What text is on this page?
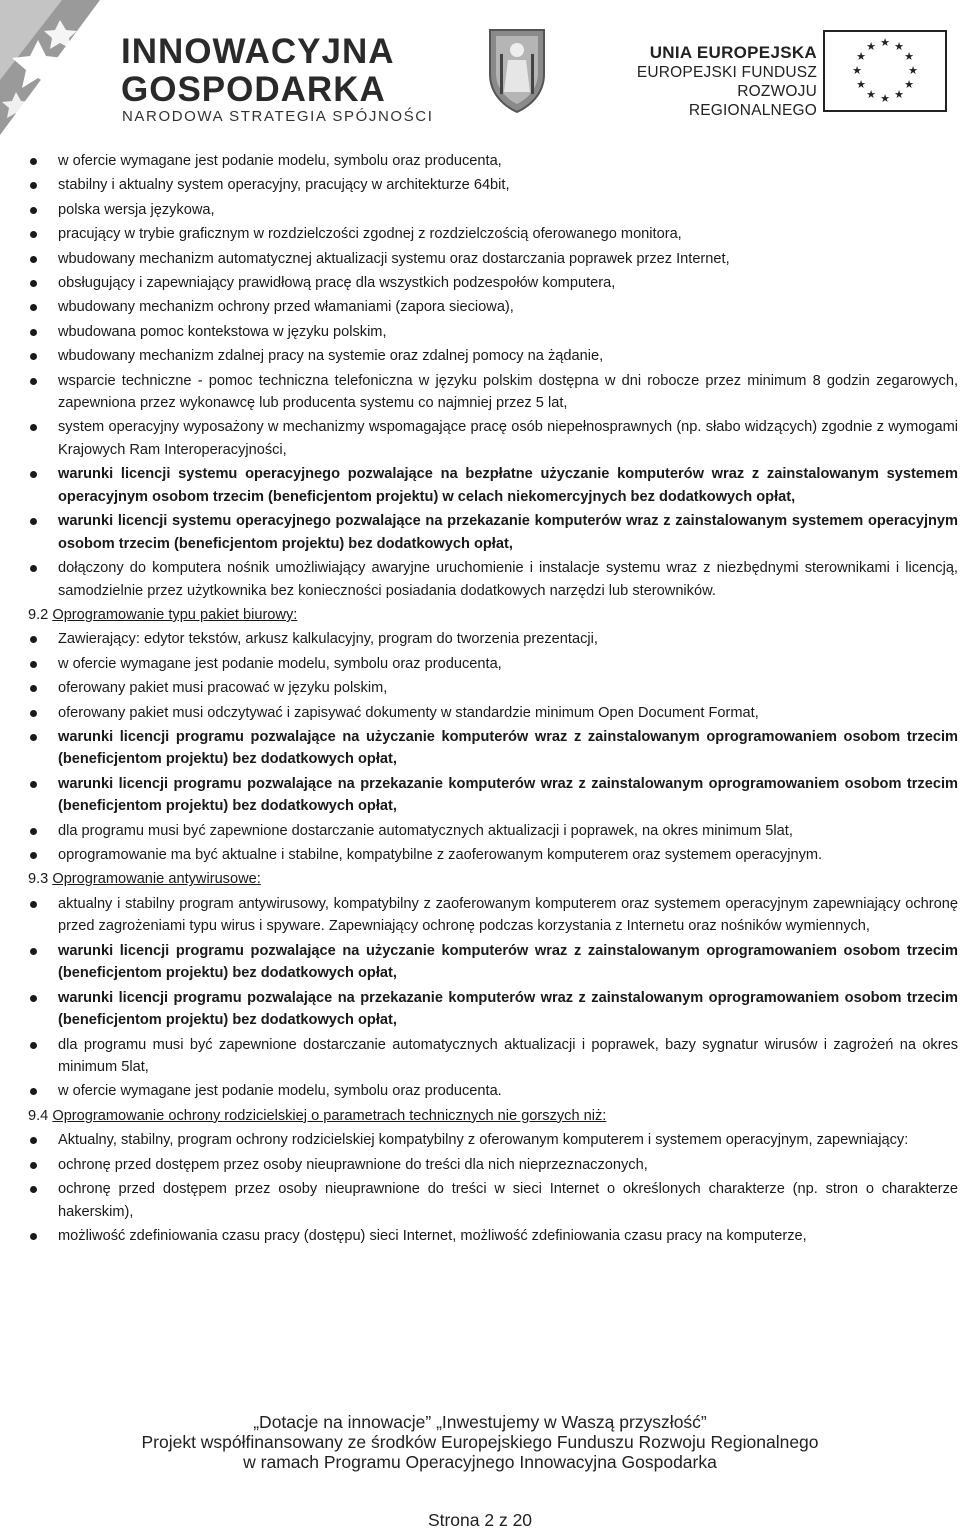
INNOWACYJNA
GOSPODARKA
NARODOWA STRATEGIA SPÓJNOŚCI
UNIA EUROPEJSKA
EUROPEJSKI FUNDUSZ
ROZWOJU REGIONALNEGO
★ ★
★
★
★
★
★
★
★
★
★
★
w ofercie wymagane jest podanie modelu, symbolu oraz producenta,
stabilny i aktualny system operacyjny, pracujący w architekturze 64bit,
polska wersja językowa,
pracujący w trybie graficznym w rozdzielczości zgodnej z rozdzielczością oferowanego monitora,
wbudowany mechanizm automatycznej aktualizacji systemu oraz dostarczania poprawek przez Internet,
obsługujący i zapewniający prawidłową pracę dla wszystkich podzespołów komputera,
wbudowany mechanizm ochrony przed włamaniami (zapora sieciowa),
wbudowana pomoc kontekstowa w języku polskim,
wbudowany mechanizm zdalnej pracy na systemie oraz zdalnej pomocy na żądanie,
wsparcie techniczne - pomoc techniczna telefoniczna w języku polskim dostępna w dni robocze przez minimum 8 godzin zegarowych, zapewniona przez wykonawcę lub producenta systemu co najmniej przez 5 lat,
system operacyjny wyposażony w mechanizmy wspomagające pracę osób niepełnosprawnych (np. słabo widzących) zgodnie z wymogami Krajowych Ram Interoperacyjności,
warunki licencji systemu operacyjnego pozwalające na bezpłatne użyczanie komputerów wraz z zainstalowanym systemem operacyjnym osobom trzecim (beneficjentom projektu) w celach niekomercyjnych bez dodatkowych opłat,
warunki licencji systemu operacyjnego pozwalające na przekazanie komputerów wraz z zainstalowanym systemem operacyjnym osobom trzecim (beneficjentom projektu) bez dodatkowych opłat,
dołączony do komputera nośnik umożliwiający awaryjne uruchomienie i instalacje systemu wraz z niezbędnymi sterownikami i licencją, samodzielnie przez użytkownika bez konieczności posiadania dodatkowych narzędzi lub sterowników.
9.2 Oprogramowanie typu pakiet biurowy:
Zawierający: edytor tekstów, arkusz kalkulacyjny, program do tworzenia prezentacji,
w ofercie wymagane jest podanie modelu, symbolu oraz producenta,
oferowany pakiet musi pracować w języku polskim,
oferowany pakiet musi odczytywać i zapisywać dokumenty w standardzie minimum Open Document Format,
warunki licencji programu pozwalające na użyczanie komputerów wraz z zainstalowanym oprogramowaniem osobom trzecim (beneficjentom projektu) bez dodatkowych opłat,
warunki licencji programu pozwalające na przekazanie komputerów wraz z zainstalowanym oprogramowaniem osobom trzecim (beneficjentom projektu) bez dodatkowych opłat,
dla programu musi być zapewnione dostarczanie automatycznych aktualizacji i poprawek, na okres minimum 5lat,
oprogramowanie ma być aktualne i stabilne, kompatybilne z zaoferowanym komputerem oraz systemem operacyjnym.
9.3 Oprogramowanie antywirusowe:
aktualny i stabilny program antywirusowy, kompatybilny z zaoferowanym komputerem oraz systemem operacyjnym zapewniający ochronę przed zagrożeniami typu wirus i spyware. Zapewniający ochronę podczas korzystania z Internetu oraz nośników wymiennych,
warunki licencji programu pozwalające na użyczanie komputerów wraz z zainstalowanym oprogramowaniem osobom trzecim (beneficjentom projektu) bez dodatkowych opłat,
warunki licencji programu pozwalające na przekazanie komputerów wraz z zainstalowanym oprogramowaniem osobom trzecim (beneficjentom projektu) bez dodatkowych opłat,
dla programu musi być zapewnione dostarczanie automatycznych aktualizacji i poprawek, bazy sygnatur wirusów i zagrożeń na okres minimum 5lat,
w ofercie wymagane jest podanie modelu, symbolu oraz producenta.
9.4 Oprogramowanie ochrony rodzicielskiej o parametrach technicznych nie gorszych niż:
Aktualny, stabilny, program ochrony rodzicielskiej kompatybilny z oferowanym komputerem i systemem operacyjnym, zapewniający:
ochronę przed dostępem przez osoby nieuprawnione do treści dla nich nieprzeznaczonych,
ochronę przed dostępem przez osoby nieuprawnione do treści w sieci Internet o określonych charakterze (np. stron o charakterze hakerskim),
możliwość zdefiniowania czasu pracy (dostępu) sieci Internet, możliwość zdefiniowania czasu pracy na komputerze,
„Dotacje na innowacje” „Inwestujemy w Waszą przyszłość”
Projekt współfinansowany ze środków Europejskiego Funduszu Rozwoju Regionalnego
w ramach Programu Operacyjnego Innowacyjna Gospodarka
Strona 2 z 20
